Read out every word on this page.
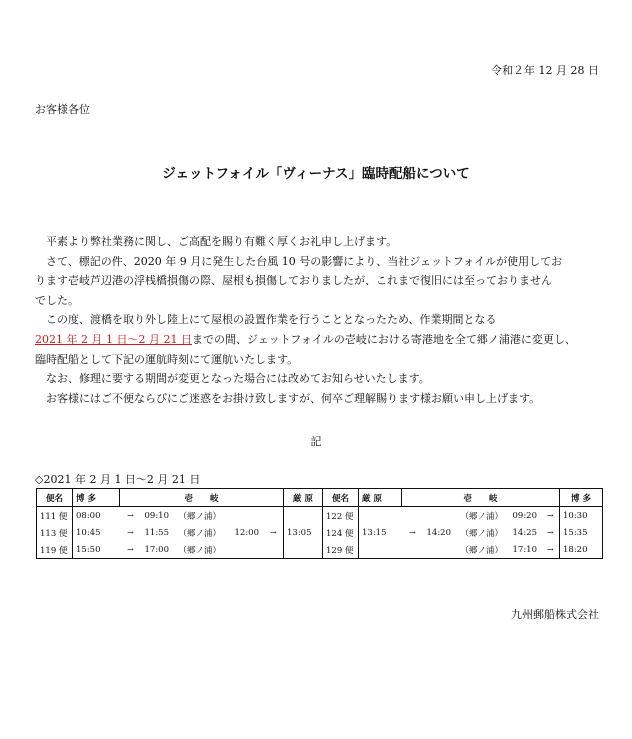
令和２年 12 月 28 日
お客様各位
ジェットフォイル「ヴィーナス」臨時配船について

　平素より弊社業務に関し、ご高配を賜り有難く厚くお礼申し上げます。

　さて、標記の件、2020 年 9 月に発生した台風 10 号の影響により、当社ジェットフォイルが使用してお

ります壱岐芦辺港の浮桟橋損傷の際、屋根も損傷しておりましたが、これまで復旧には至っておりません

でした。

　この度、渡橋を取り外し陸上にて屋根の設置作業を行うこととなったため、作業期間となる

2021 年 2 月 1 日～2 月 21 日までの間、ジェットフォイルの壱岐における寄港地を全て郷ノ浦港に変更し、

臨時配船として下記の運航時刻にて運航いたします。

　なお、修理に要する期間が変更となった場合には改めてお知らせいたします。

　お客様にはご不便ならびにご迷惑をお掛け致しますが、何卒ご理解賜ります様お願い申し上げます。

記
◇2021 年 2 月 1 日～2 月 21 日
便名	博 多	壱　　岐					厳 原	便名	厳 原	壱　　岐					博 多
111 便	08:00	→	09:10	（郷ノ浦）				122 便				（郷ノ浦）	09:20	→	10:30
113 便	10:45	→	11:55	（郷ノ浦）	12:00	→	13:05	124 便	13:15	→	14:20	（郷ノ浦）	14:25	→	15:35
119 便	15:50	→	17:00	（郷ノ浦）				129 便				（郷ノ浦）	17:10	→	18:20
九州郵船株式会社
